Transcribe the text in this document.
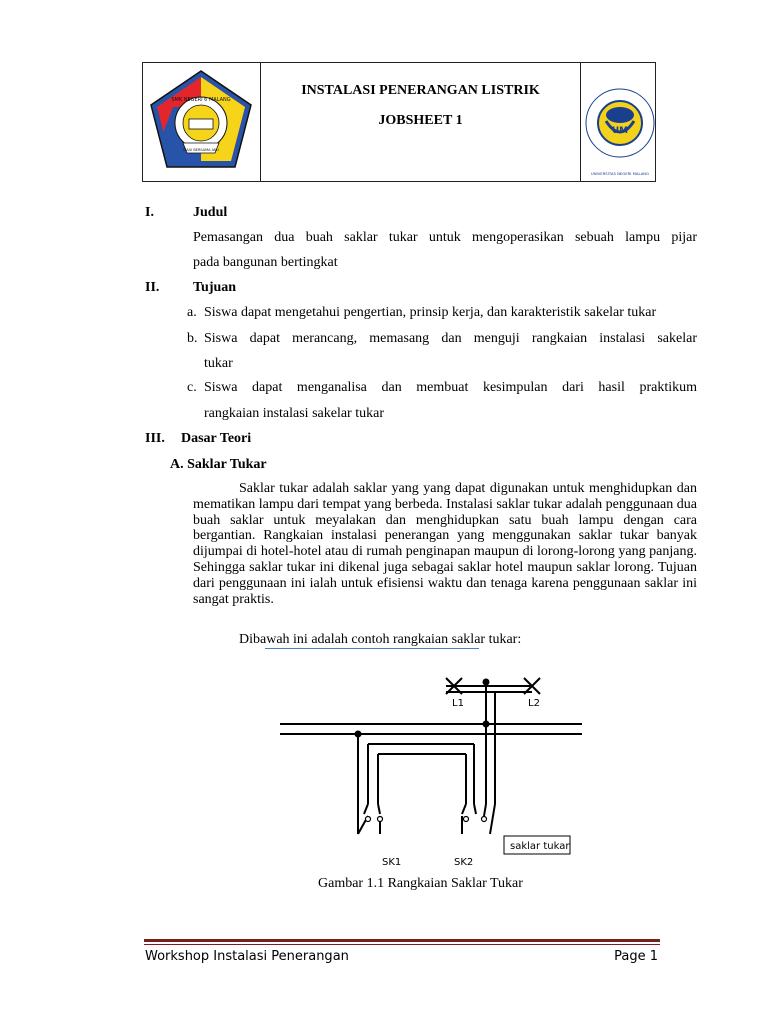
SMK NEGERI 6 MALANG
MAJU BERSAMA AKU
INSTALASI PENERANGAN LISTRIK
JOBSHEET 1
UM
UNIVERSITAS NEGERI MALANG
I.	Judul
Pemasangan dua buah saklar tukar untuk mengoperasikan sebuah lampu pijar
pada bangunan bertingkat
II. Tujuan
a. Siswa dapat mengetahui pengertian, prinsip kerja, dan karakteristik sakelar tukar
b. Siswa dapat merancang, memasang dan menguji rangkaian instalasi sakelar
tukar
c. Siswa dapat menganalisa dan membuat kesimpulan dari hasil praktikum
rangkaian instalasi sakelar tukar
III. Dasar Teori
A. Saklar Tukar
Saklar tukar adalah saklar yang yang dapat digunakan untuk menghidupkan dan mematikan lampu dari tempat yang berbeda. Instalasi saklar tukar adalah penggunaan dua buah saklar untuk meyalakan dan menghidupkan satu buah lampu dengan cara bergantian. Rangkaian instalasi penerangan yang menggunakan saklar tukar banyak dijumpai di hotel-hotel atau di rumah penginapan maupun di lorong-lorong yang panjang. Sehingga saklar tukar ini dikenal juga sebagai saklar hotel maupun saklar lorong. Tujuan dari penggunaan ini ialah untuk efisiensi waktu dan tenaga karena penggunaan saklar ini sangat praktis.
Dibawah ini adalah contoh rangkaian saklar tukar:
L1	L2
SK1	SK2
saklar tukar
Gambar 1.1 Rangkaian Saklar Tukar
Workshop Instalasi Penerangan	Page 1
